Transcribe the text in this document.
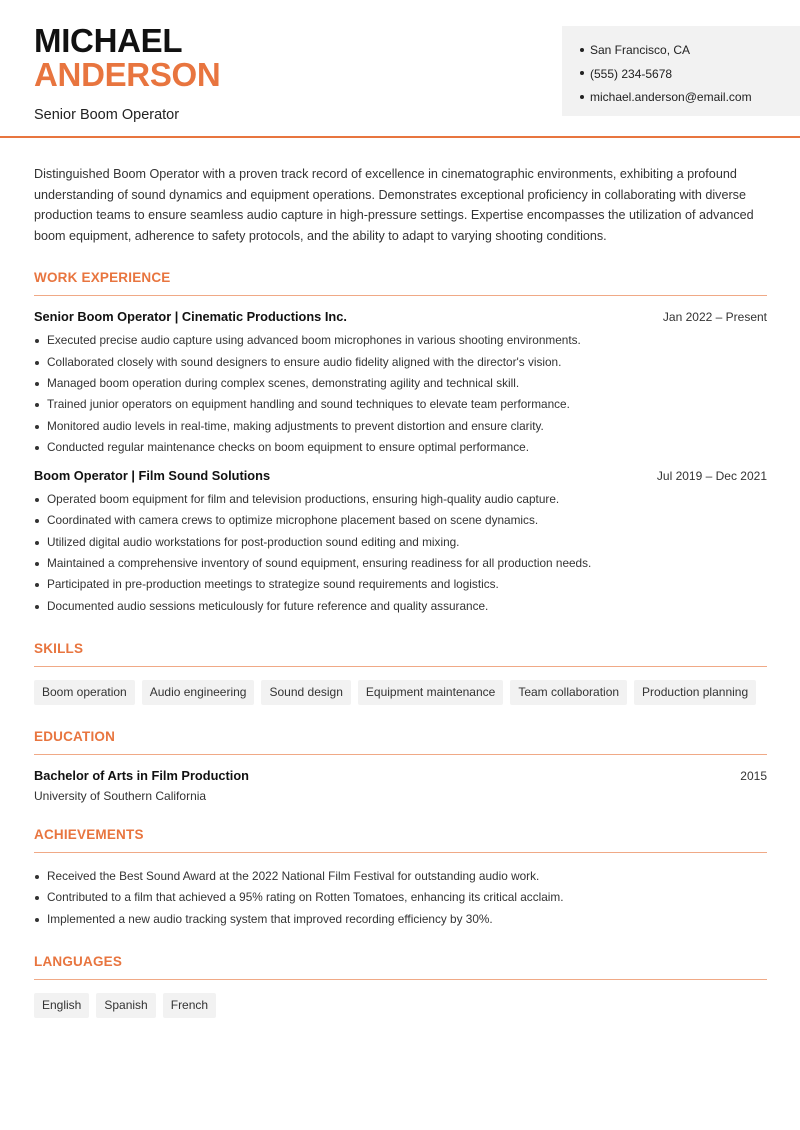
MICHAEL
ANDERSON
Senior Boom Operator
San Francisco, CA
(555) 234-5678
michael.anderson@email.com

Distinguished Boom Operator with a proven track record of excellence in cinematographic environments, exhibiting a profound understanding of sound dynamics and equipment operations. Demonstrates exceptional proficiency in collaborating with diverse production teams to ensure seamless audio capture in high-pressure settings. Expertise encompasses the utilization of advanced boom equipment, adherence to safety protocols, and the ability to adapt to varying shooting conditions.

WORK EXPERIENCE
Senior Boom Operator | Cinematic Productions Inc.	Jan 2022 – Present
Executed precise audio capture using advanced boom microphones in various shooting environments.
Collaborated closely with sound designers to ensure audio fidelity aligned with the director's vision.
Managed boom operation during complex scenes, demonstrating agility and technical skill.
Trained junior operators on equipment handling and sound techniques to elevate team performance.
Monitored audio levels in real-time, making adjustments to prevent distortion and ensure clarity.
Conducted regular maintenance checks on boom equipment to ensure optimal performance.
Boom Operator | Film Sound Solutions	Jul 2019 – Dec 2021
Operated boom equipment for film and television productions, ensuring high-quality audio capture.
Coordinated with camera crews to optimize microphone placement based on scene dynamics.
Utilized digital audio workstations for post-production sound editing and mixing.
Maintained a comprehensive inventory of sound equipment, ensuring readiness for all production needs.
Participated in pre-production meetings to strategize sound requirements and logistics.
Documented audio sessions meticulously for future reference and quality assurance.
SKILLS
Boom operation	Audio engineering	Sound design	Equipment maintenance	Team collaboration	Production planning
EDUCATION
Bachelor of Arts in Film Production	2015
University of Southern California
ACHIEVEMENTS
Received the Best Sound Award at the 2022 National Film Festival for outstanding audio work.
Contributed to a film that achieved a 95% rating on Rotten Tomatoes, enhancing its critical acclaim.
Implemented a new audio tracking system that improved recording efficiency by 30%.
LANGUAGES
English	Spanish	French
